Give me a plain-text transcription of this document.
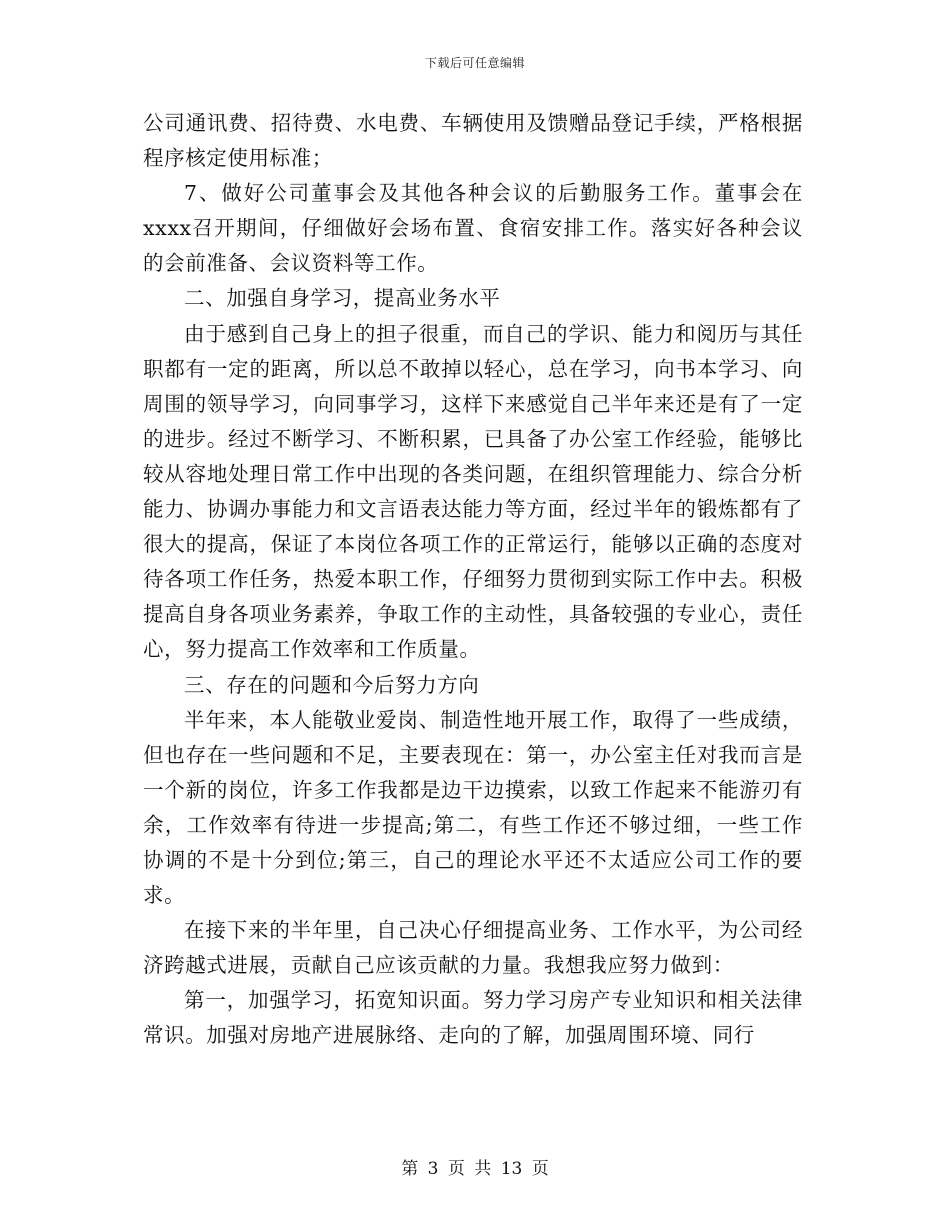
下载后可任意编辑

公司通讯费、招待费、水电费、车辆使用及馈赠品登记手续，严格根据程序核定使用标准；

7、做好公司董事会及其他各种会议的后勤服务工作。董事会在xxxx召开期间，仔细做好会场布置、食宿安排工作。落实好各种会议的会前准备、会议资料等工作。

二、加强自身学习，提高业务水平

由于感到自己身上的担子很重，而自己的学识、能力和阅历与其任职都有一定的距离，所以总不敢掉以轻心，总在学习，向书本学习、向周围的领导学习，向同事学习，这样下来感觉自己半年来还是有了一定的进步。经过不断学习、不断积累，已具备了办公室工作经验，能够比较从容地处理日常工作中出现的各类问题，在组织管理能力、综合分析能力、协调办事能力和文言语表达能力等方面，经过半年的锻炼都有了很大的提高，保证了本岗位各项工作的正常运行，能够以正确的态度对待各项工作任务，热爱本职工作，仔细努力贯彻到实际工作中去。积极提高自身各项业务素养，争取工作的主动性，具备较强的专业心，责任心，努力提高工作效率和工作质量。

三、存在的问题和今后努力方向

半年来，本人能敬业爱岗、制造性地开展工作，取得了一些成绩，但也存在一些问题和不足，主要表现在：第一，办公室主任对我而言是一个新的岗位，许多工作我都是边干边摸索，以致工作起来不能游刃有余，工作效率有待进一步提高;第二，有些工作还不够过细，一些工作协调的不是十分到位;第三，自己的理论水平还不太适应公司工作的要求。

在接下来的半年里，自己决心仔细提高业务、工作水平，为公司经济跨越式进展，贡献自己应该贡献的力量。我想我应努力做到：

第一，加强学习，拓宽知识面。努力学习房产专业知识和相关法律常识。加强对房地产进展脉络、走向的了解，加强周围环境、同行

第 3 页 共 13 页
